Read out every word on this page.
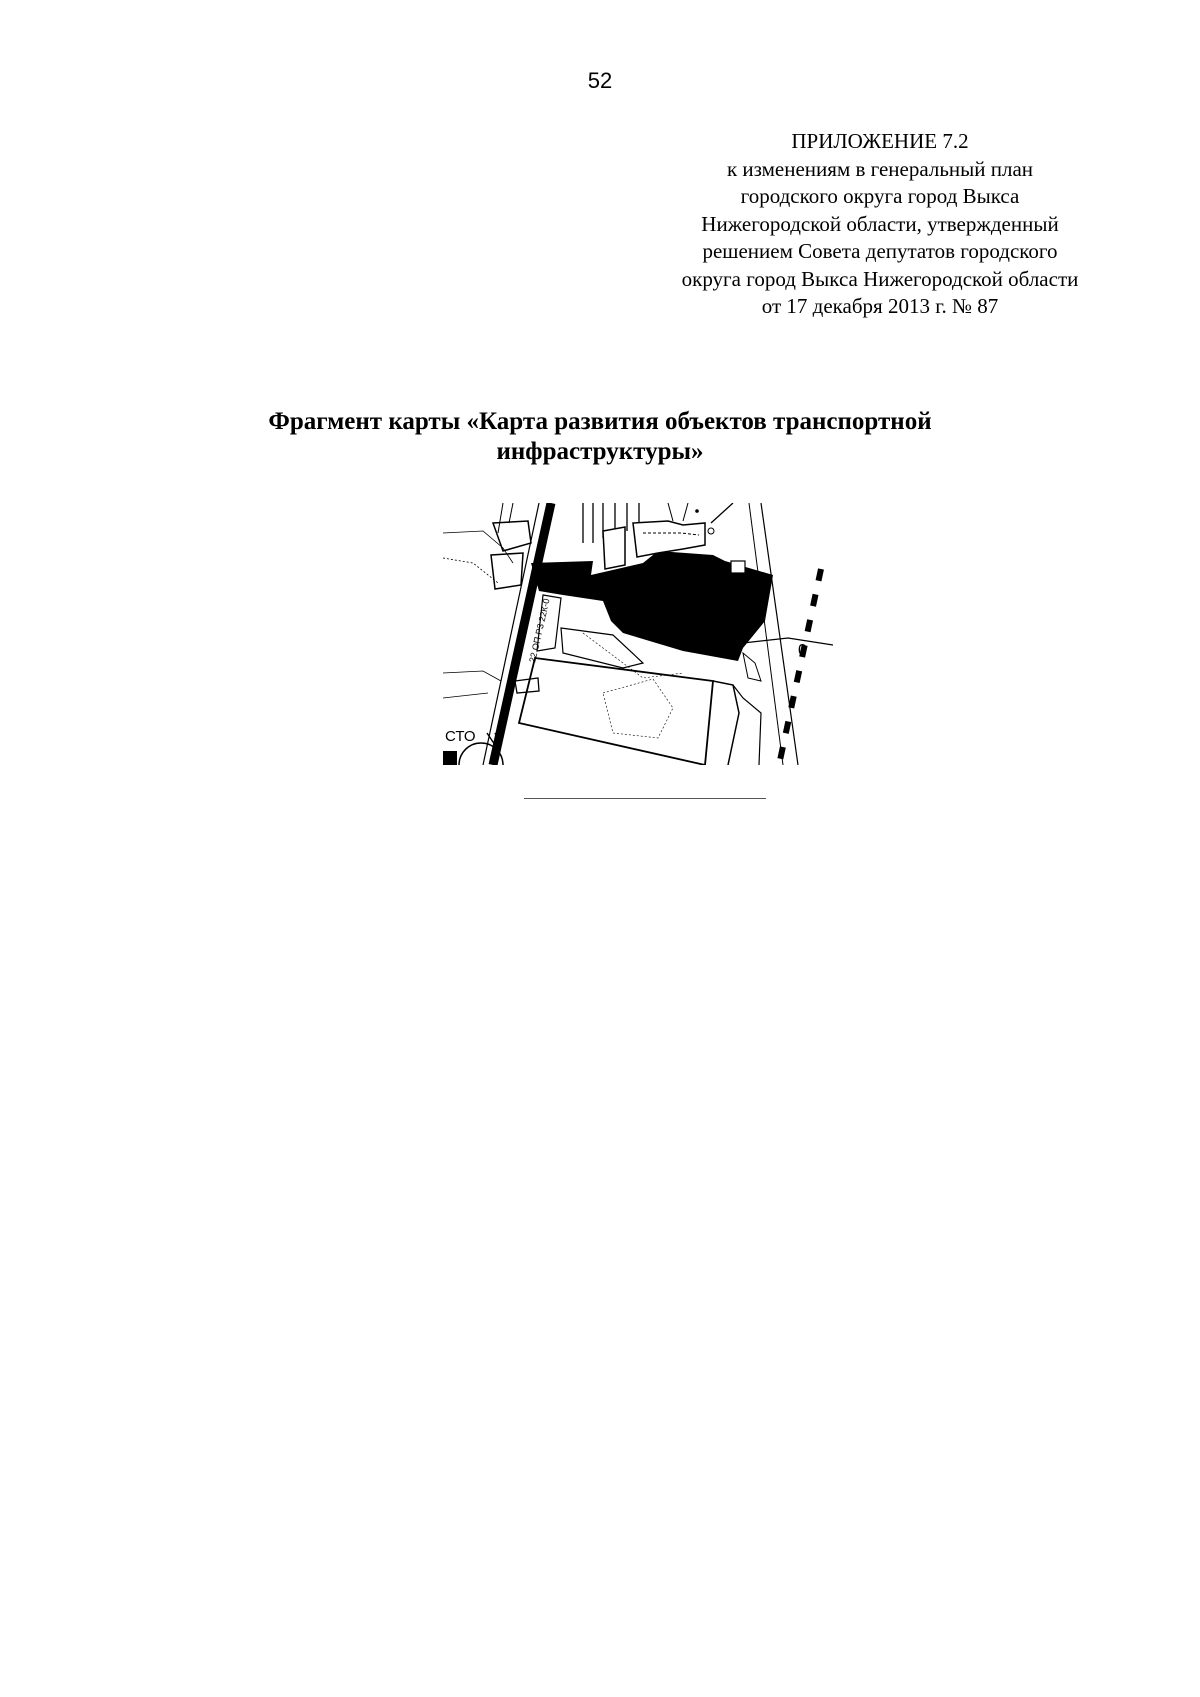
52
ПРИЛОЖЕНИЕ 7.2
к изменениям в генеральный план
городского округа город Выкса
Нижегородской области, утвержденный
решением Совета депутатов городского
округа город Выкса Нижегородской области
от 17 декабря 2013 г. № 87
Фрагмент карты «Карта развития объектов транспортной
инфраструктуры»
22 ОП Р3 22К-0	0
СТО
